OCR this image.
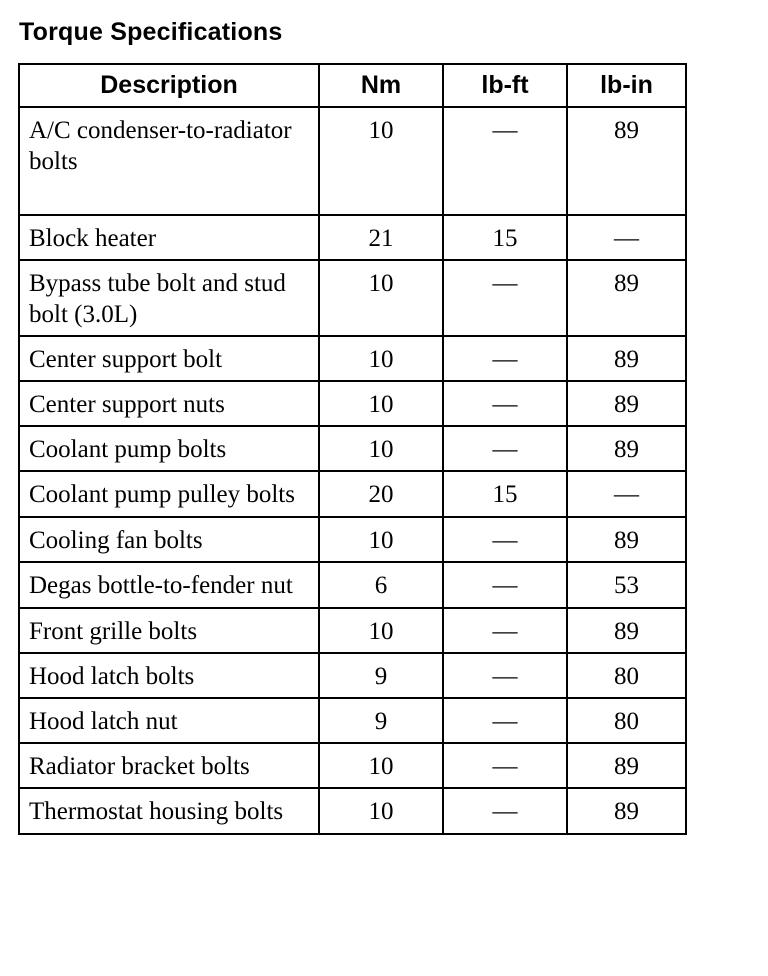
Torque Specifications
Description	Nm	lb-ft	lb-in
A/C condenser-to-radiator bolts	10	—	89
Block heater	21	15	—
Bypass tube bolt and stud bolt (3.0L)	10	—	89
Center support bolt	10	—	89
Center support nuts	10	—	89
Coolant pump bolts	10	—	89
Coolant pump pulley bolts	20	15	—
Cooling fan bolts	10	—	89
Degas bottle-to-fender nut	6	—	53
Front grille bolts	10	—	89
Hood latch bolts	9	—	80
Hood latch nut	9	—	80
Radiator bracket bolts	10	—	89
Thermostat housing bolts	10	—	89
